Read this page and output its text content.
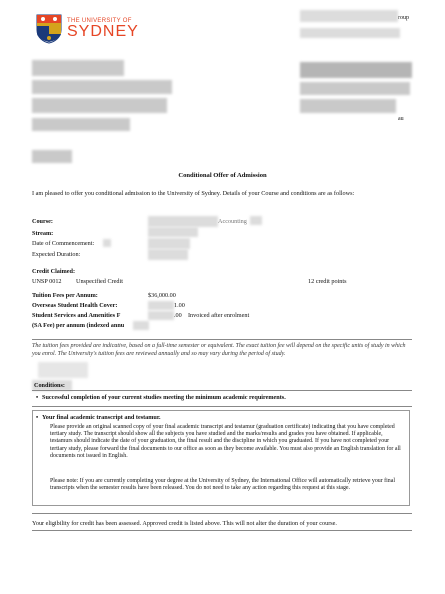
THE UNIVERSITY OF
SYDNEY
roup
au
Conditional Offer of Admission
I am pleased to offer you conditional admission to the University of Sydney. Details of your Course and conditions are as follows:
Course:	Accounting
Stream:
Date of Commencement:
Expected Duration:
Credit Claimed:
UNSP 0012 Unspecified Credit	12 credit points
Tuition Fees per Annum:	$36,000.00
Overseas Student Health Cover:	1.00
Student Services and Amenities F	.00 Invoiced after enrolment
(SA Fee) per annum (indexed annu
The tuition fees provided are indicative, based on a full-time semester or equivalent. The exact tuition fee will depend on the specific units of study in which you enrol. The University's tuition fees are reviewed annually and so may vary during the period of study.
Conditions:
• Successful completion of your current studies meeting the minimum academic requirements.
• Your final academic transcript and testamur.
Please provide an original scanned copy of your final academic transcript and testamur (graduation certificate) indicating that you have completed tertiary study. The transcript should show all the subjects you have studied and the marks/results and grades you have obtained. If applicable, testamurs should indicate the date of your graduation, the final result and the discipline in which you graduated. If you have not completed your tertiary study, please forward the final documents to our office as soon as they become available. You must also provide an English translation for all documents not issued in English.
Please note: If you are currently completing your degree at the University of Sydney, the International Office will automatically retrieve your final transcripts when the semester results have been released. You do not need to take any action regarding this request at this stage.
Your eligibility for credit has been assessed. Approved credit is listed above. This will not alter the duration of your course.
